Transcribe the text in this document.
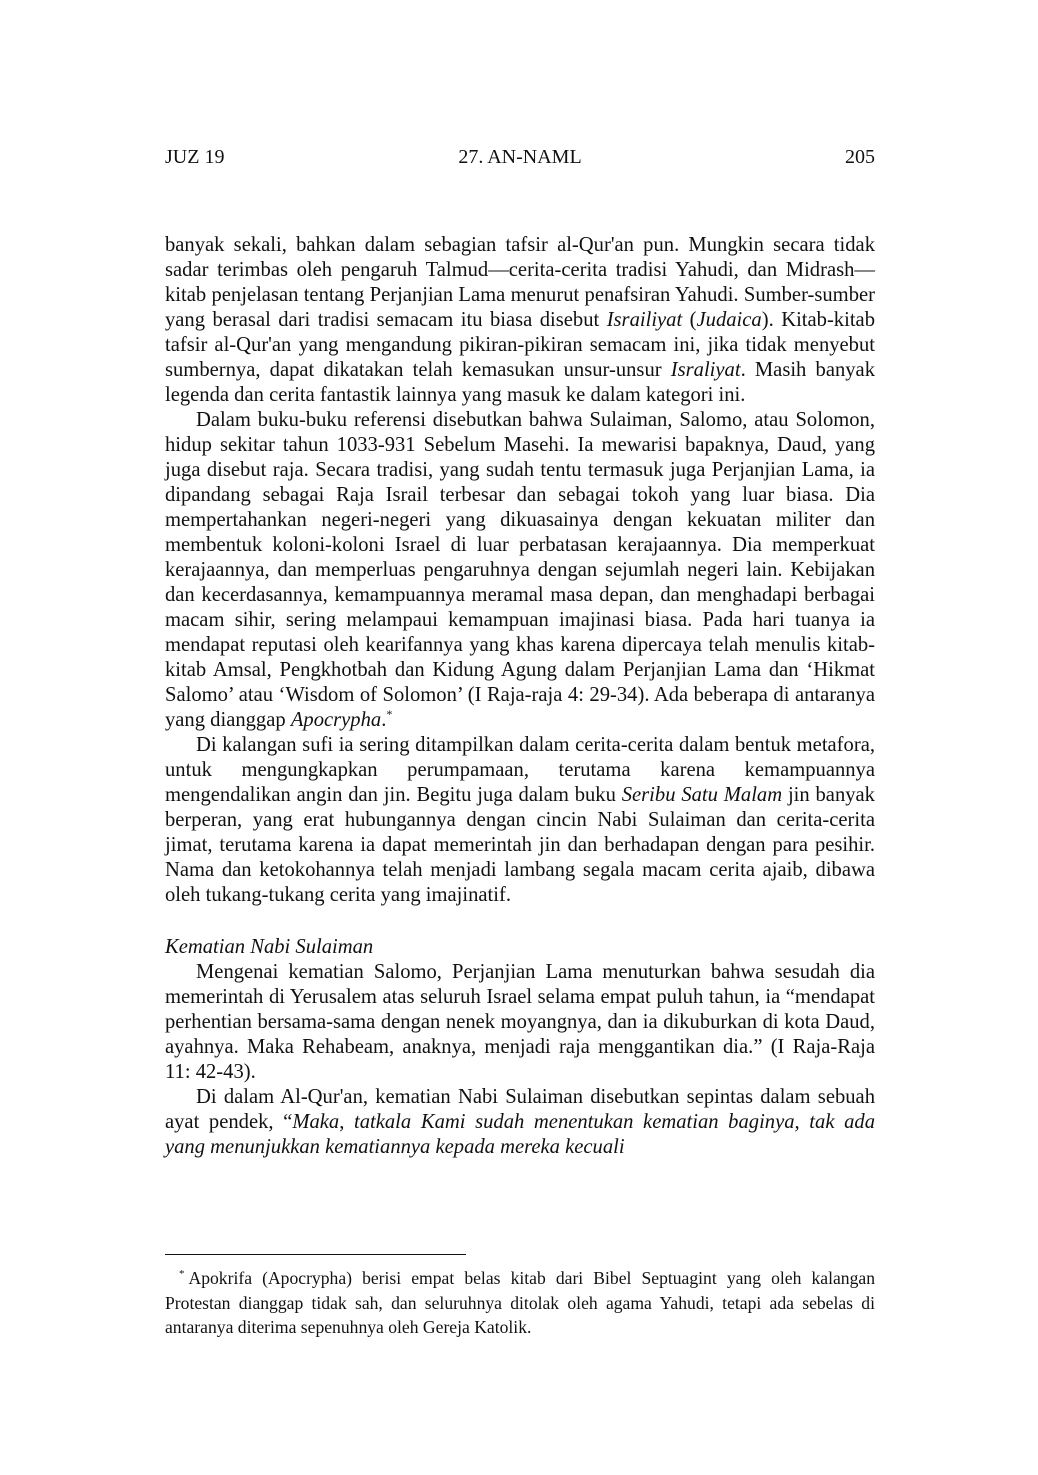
JUZ 19	27. AN-NAML	205

banyak sekali, bahkan dalam sebagian tafsir al-Qur'an pun. Mungkin secara tidak sadar terimbas oleh pengaruh Talmud—cerita-cerita tradisi Yahudi, dan Midrash—kitab penjelasan tentang Perjanjian Lama menurut penafsiran Yahudi. Sumber-sumber yang berasal dari tradisi semacam itu biasa disebut Israiliyat (Judaica). Kitab-kitab tafsir al-Qur'an yang mengandung pikiran-pikiran semacam ini, jika tidak menyebut sumbernya, dapat dikatakan telah kemasukan unsur-unsur Israliyat. Masih banyak legenda dan cerita fantastik lainnya yang masuk ke dalam kategori ini.

Dalam buku-buku referensi disebutkan bahwa Sulaiman, Salomo, atau Solomon, hidup sekitar tahun 1033-931 Sebelum Masehi. Ia mewarisi bapaknya, Daud, yang juga disebut raja. Secara tradisi, yang sudah tentu termasuk juga Perjanjian Lama, ia dipandang sebagai Raja Israil terbesar dan sebagai tokoh yang luar biasa. Dia mempertahankan negeri-negeri yang dikuasainya dengan kekuatan militer dan membentuk koloni-koloni Israel di luar perbatasan kerajaannya. Dia memperkuat kerajaannya, dan memperluas pengaruhnya dengan sejumlah negeri lain. Kebijakan dan kecerdasannya, kemampuannya meramal masa depan, dan menghadapi berbagai macam sihir, sering melampaui kemampuan imajinasi biasa. Pada hari tuanya ia mendapat reputasi oleh kearifannya yang khas karena dipercaya telah menulis kitab-kitab Amsal, Pengkhotbah dan Kidung Agung dalam Perjanjian Lama dan ‘Hikmat Salomo’ atau ‘Wisdom of Solomon’ (I Raja-raja 4: 29-34). Ada beberapa di antaranya yang dianggap Apocrypha.*

Di kalangan sufi ia sering ditampilkan dalam cerita-cerita dalam bentuk metafora, untuk mengungkapkan perumpamaan, terutama karena kemampuannya mengendalikan angin dan jin. Begitu juga dalam buku Seribu Satu Malam jin banyak berperan, yang erat hubungannya dengan cincin Nabi Sulaiman dan cerita-cerita jimat, terutama karena ia dapat memerintah jin dan berhadapan dengan para pesihir. Nama dan ketokohannya telah menjadi lambang segala macam cerita ajaib, dibawa oleh tukang-tukang cerita yang imajinatif.

Kematian Nabi Sulaiman

Mengenai kematian Salomo, Perjanjian Lama menuturkan bahwa sesudah dia memerintah di Yerusalem atas seluruh Israel selama empat puluh tahun, ia “mendapat perhentian bersama-sama dengan nenek moyangnya, dan ia dikuburkan di kota Daud, ayahnya. Maka Rehabeam, anaknya, menjadi raja menggantikan dia.” (I Raja-Raja 11: 42-43).

Di dalam Al-Qur'an, kematian Nabi Sulaiman disebutkan sepintas dalam sebuah ayat pendek, “Maka, tatkala Kami sudah menentukan kematian baginya, tak ada yang menunjukkan kematiannya kepada mereka kecuali

* Apokrifa (Apocrypha) berisi empat belas kitab dari Bibel Septuagint yang oleh kalangan Protestan dianggap tidak sah, dan seluruhnya ditolak oleh agama Yahudi, tetapi ada sebelas di antaranya diterima sepenuhnya oleh Gereja Katolik.
